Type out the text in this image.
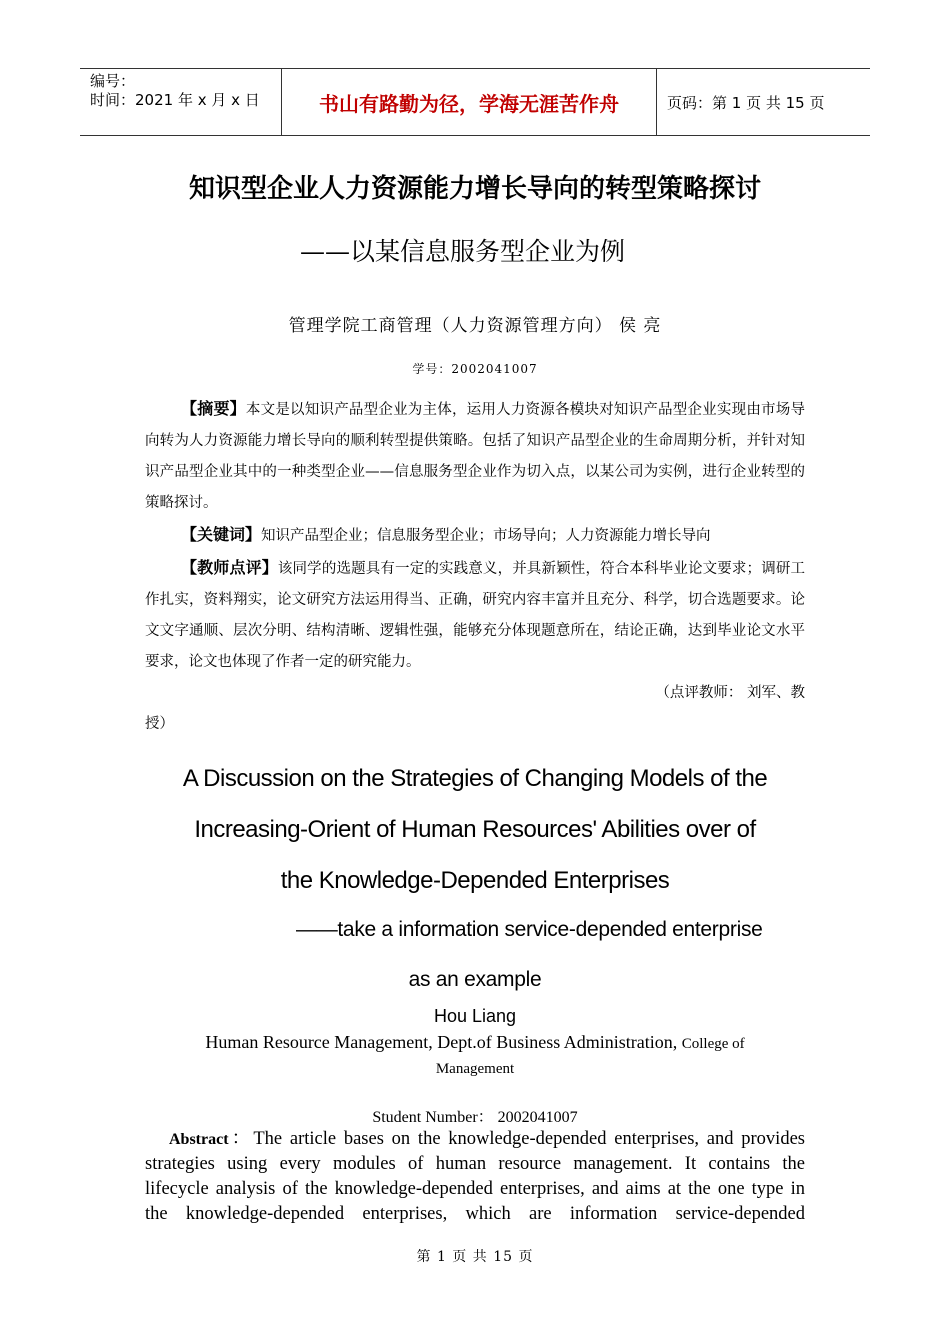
编号：
时间：2021 年 x 月 x 日	书山有路勤为径，学海无涯苦作舟	页码：第 1 页 共 15 页
知识型企业人力资源能力增长导向的转型策略探讨
——以某信息服务型企业为例
管理学院工商管理（人力资源管理方向） 侯 亮
学号：2002041007

【摘要】本文是以知识产品型企业为主体，运用人力资源各模块对知识产品型企业实现由市场导向转为人力资源能力增长导向的顺利转型提供策略。包括了知识产品型企业的生命周期分析，并针对知识产品型企业其中的一种类型企业——信息服务型企业作为切入点，以某公司为实例，进行企业转型的策略探讨。

【关键词】知识产品型企业；信息服务型企业；市场导向；人力资源能力增长导向

【教师点评】该同学的选题具有一定的实践意义，并具新颖性，符合本科毕业论文要求；调研工作扎实，资料翔实，论文研究方法运用得当、正确，研究内容丰富并且充分、科学，切合选题要求。论文文字通顺、层次分明、结构清晰、逻辑性强，能够充分体现题意所在，结论正确，达到毕业论文水平要求，论文也体现了作者一定的研究能力。

（点评教师： 刘军、教

授）

A Discussion on the Strategies of Changing Models of the
Increasing-Orient of Human Resources' Abilities over of
the Knowledge-Depended Enterprises
——take a information service-depended enterprise
as an example
Hou Liang
Human Resource Management, Dept.of Business Administration, College of
Management
Student Number： 2002041007
Abstract：The article bases on the knowledge-depended enterprises, and provides
strategies using every modules of human resource management. It contains the
lifecycle analysis of the knowledge-depended enterprises, and aims at the one type in
the knowledge-depended enterprises, which are information service-depended
第 1 页 共 15 页
